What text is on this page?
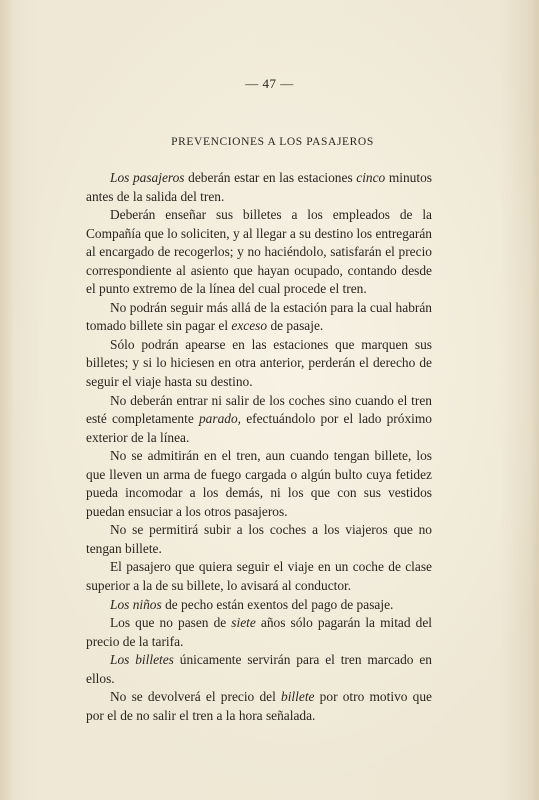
— 47 —
PREVENCIONES A LOS PASAJEROS

Los pasajeros deberán estar en las estaciones cinco minutos antes de la salida del tren.

Deberán enseñar sus billetes a los empleados de la Compañía que lo soliciten, y al llegar a su destino los entregarán al encargado de recogerlos; y no haciéndolo, satisfarán el precio correspondiente al asiento que hayan ocupado, contando desde el punto extremo de la línea del cual procede el tren.

No podrán seguir más allá de la estación para la cual habrán tomado billete sin pagar el exceso de pasaje.

Sólo podrán apearse en las estaciones que marquen sus billetes; y si lo hiciesen en otra anterior, perderán el derecho de seguir el viaje hasta su destino.

No deberán entrar ni salir de los coches sino cuando el tren esté completamente parado, efectuándolo por el lado próximo exterior de la línea.

No se admitirán en el tren, aun cuando tengan billete, los que lleven un arma de fuego cargada o algún bulto cuya fetidez pueda incomodar a los demás, ni los que con sus vestidos puedan ensuciar a los otros pasajeros.

No se permitirá subir a los coches a los viajeros que no tengan billete.

El pasajero que quiera seguir el viaje en un coche de clase superior a la de su billete, lo avisará al conductor.

Los niños de pecho están exentos del pago de pasaje.

Los que no pasen de siete años sólo pagarán la mitad del precio de la tarifa.

Los billetes únicamente servirán para el tren marcado en ellos.

No se devolverá el precio del billete por otro motivo que por el de no salir el tren a la hora señalada.
